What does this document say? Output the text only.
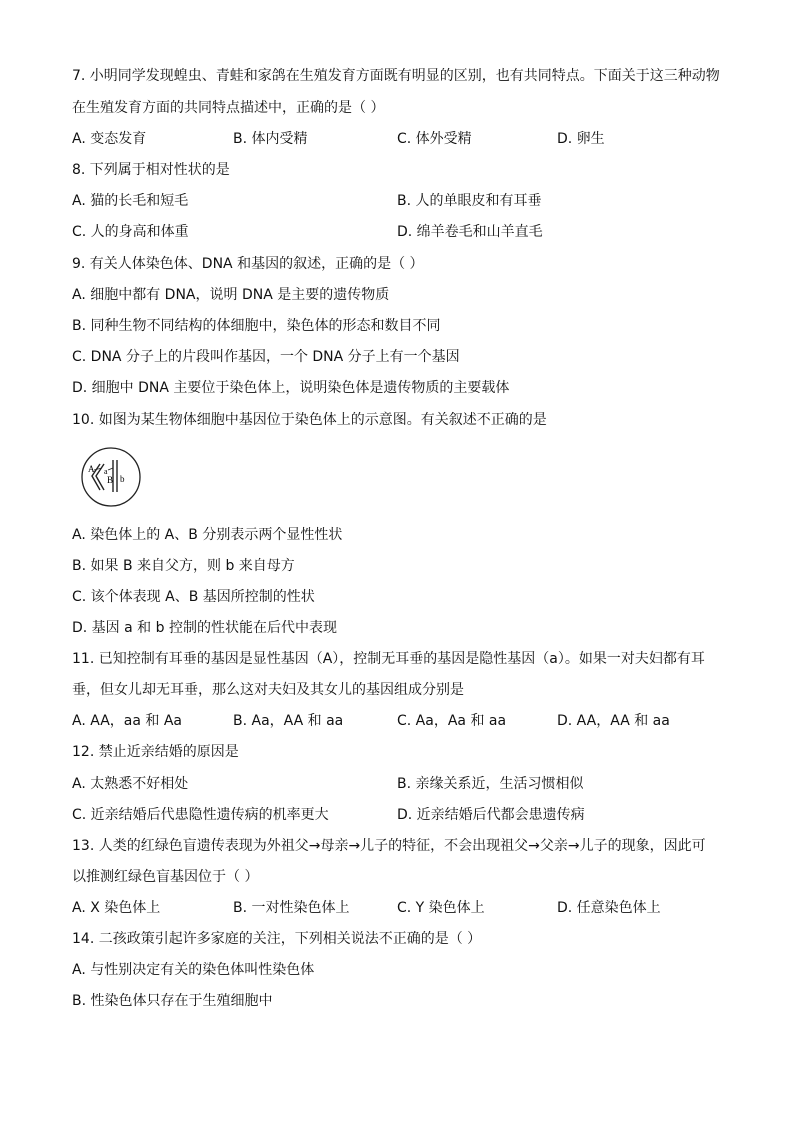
7. 小明同学发现蝗虫、青蛙和家鸽在生殖发育方面既有明显的区别，也有共同特点。下面关于这三种动物
在生殖发育方面的共同特点描述中，正确的是（ ）
A. 变态发育	B. 体内受精	C. 体外受精	D. 卵生
8. 下列属于相对性状的是
A. 猫的长毛和短毛	B. 人的单眼皮和有耳垂
C. 人的身高和体重	D. 绵羊卷毛和山羊直毛
9. 有关人体染色体、DNA 和基因的叙述，正确的是（ ）
A. 细胞中都有 DNA，说明 DNA 是主要的遗传物质
B. 同种生物不同结构的体细胞中，染色体的形态和数目不同
C. DNA 分子上的片段叫作基因，一个 DNA 分子上有一个基因
D. 细胞中 DNA 主要位于染色体上，说明染色体是遗传物质的主要载体
10. 如图为某生物体细胞中基因位于染色体上的示意图。有关叙述不正确的是
A a
B b
A. 染色体上的 A、B 分别表示两个显性性状
B. 如果 B 来自父方，则 b 来自母方
C. 该个体表现 A、B 基因所控制的性状
D. 基因 a 和 b 控制的性状能在后代中表现
11. 已知控制有耳垂的基因是显性基因（A），控制无耳垂的基因是隐性基因（a）。如果一对夫妇都有耳
垂，但女儿却无耳垂，那么这对夫妇及其女儿的基因组成分别是
A. AA，aa 和 Aa	B. Aa，AA 和 aa	C. Aa，Aa 和 aa	D. AA，AA 和 aa
12. 禁止近亲结婚的原因是
A. 太熟悉不好相处	B. 亲缘关系近，生活习惯相似
C. 近亲结婚后代患隐性遗传病的机率更大	D. 近亲结婚后代都会患遗传病
13. 人类的红绿色盲遗传表现为外祖父→母亲→儿子的特征，不会出现祖父→父亲→儿子的现象，因此可
以推测红绿色盲基因位于（ ）
A. X 染色体上	B. 一对性染色体上	C. Y 染色体上	D. 任意染色体上
14. 二孩政策引起许多家庭的关注，下列相关说法不正确的是（ ）
A. 与性别决定有关的染色体叫性染色体
B. 性染色体只存在于生殖细胞中
